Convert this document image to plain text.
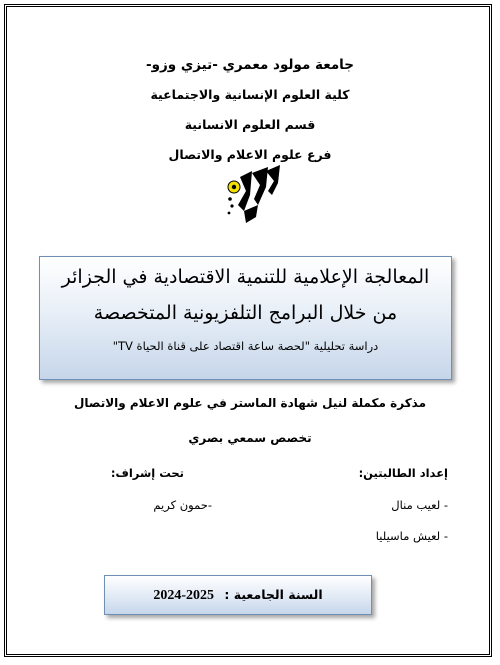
جامعة مولود معمري -تيزي وزو-
كلية العلوم الإنسانية والاجتماعية
قسم العلوم الانسانية
فرع علوم الاعلام والاتصال
المعالجة الإعلامية للتنمية الاقتصادية في الجزائر
من خلال البرامج التلفزيونية المتخصصة
دراسة تحليلية "لحصة ساعة اقتصاد على قناة الحياة TV"
مذكرة مكملة لنيل شهادة الماستر في علوم الاعلام والاتصال
تخصص سمعي بصري
إعداد الطالبتين:
- لعيب منال
- لعيش ماسيليا
تحت إشراف:
-حمون كريم
السنة الجامعية : 2024-2025
